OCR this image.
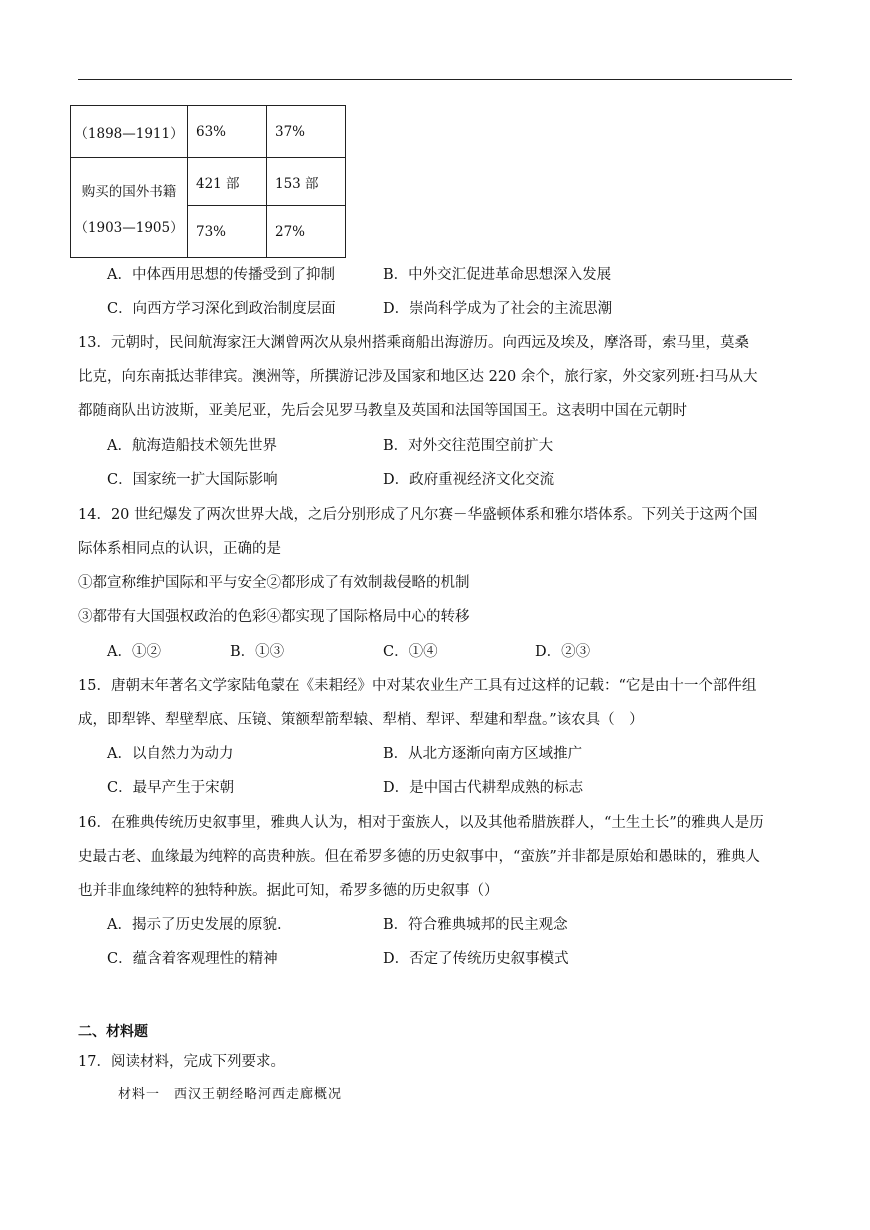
（1898—1911）	63%	37%

购买的国外书籍
（1903—1905）	421 部	153 部
	73%	27%
A．中体西用思想的传播受到了抑制	B．中外交汇促进革命思想深入发展
C．向西方学习深化到政治制度层面	D．崇尚科学成为了社会的主流思潮
13．元朝时，民间航海家汪大渊曾两次从泉州搭乘商船出海游历。向西远及埃及，摩洛哥，索马里，莫桑
比克，向东南抵达菲律宾。澳洲等，所撰游记涉及国家和地区达 220 余个，旅行家，外交家列班·扫马从大
都随商队出访波斯，亚美尼亚，先后会见罗马教皇及英国和法国等国国王。这表明中国在元朝时
A．航海造船技术领先世界	B．对外交往范围空前扩大
C．国家统一扩大国际影响	D．政府重视经济文化交流
14．20 世纪爆发了两次世界大战，之后分别形成了凡尔赛－华盛顿体系和雅尔塔体系。下列关于这两个国
际体系相同点的认识，正确的是
①都宣称维护国际和平与安全②都形成了有效制裁侵略的机制
③都带有大国强权政治的色彩④都实现了国际格局中心的转移
A．①②	B．①③	C．①④	D．②③
15．唐朝末年著名文学家陆龟蒙在《耒耜经》中对某农业生产工具有过这样的记载：“它是由十一个部件组
成，即犁铧、犁壁犁底、压镜、策额犁箭犁辕、犁梢、犁评、犁建和犁盘。”该农具（　）
A．以自然力为动力	B．从北方逐渐向南方区域推广
C．最早产生于宋朝	D．是中国古代耕犁成熟的标志
16．在雅典传统历史叙事里，雅典人认为，相对于蛮族人，以及其他希腊族群人，“土生土长”的雅典人是历
史最古老、血缘最为纯粹的高贵种族。但在希罗多德的历史叙事中，“蛮族”并非都是原始和愚昧的，雅典人
也并非血缘纯粹的独特种族。据此可知，希罗多德的历史叙事（）
A．揭示了历史发展的原貌.	B．符合雅典城邦的民主观念
C．蕴含着客观理性的精神	D．否定了传统历史叙事模式
二、材料题
17．阅读材料，完成下列要求。
材料一　西汉王朝经略河西走廊概况
